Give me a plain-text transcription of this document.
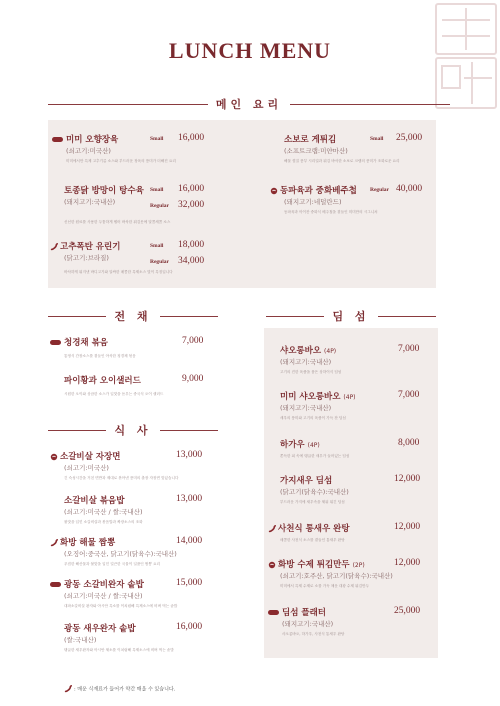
LUNCH MENU
메인 요리
미미 오향장육
(쇠고기:미국산)
미미에서만 특제 고추기름 소스와 부드러운 장육의 풍미가 더해진 요리
Small 16,000
토종닭 방망이 탕수육
(돼지고기:국내산)
신선한 원료를 사용한 두툼하게 썰어 바삭한 튀김옷에 달콤새콤 소스
Small 16,000
Regular 32,000
고추폭탄 유린기
(닭고기:브라질)
바삭하게 튀겨낸 바디고기와 알싸한 매콤한 특제소스 맛이 특징입니다
Small 18,000
Regular 34,000
소보로 게튀김
(소프트크랩:미얀마산)
해물 껍질 풍부 시리얼과 튀김 바삭한 소보로 크랩의 풍미가 조화로운 요리
Small 25,000
동파육과 중화베주첩
(돼지고기:네덜란드)
동파육과 아이잔 중화식 베주첩을 곁들인 미미만의 시그니처
Regular 40,000
전 채
청경채 볶음
통영식 간장소스를 곁들인 아삭한 청경채 볶음
7,000
파이황과 오이샐러드
시원한 오이와 상큼한 소스가 입맛을 돋우는 중국식 오이 샐러드
9,000
식 사
소갈비살 자장면
(쇠고기:미국산)
긴 숙성시간을 거친 면반과 제대로 볶아낸 풍미의 춘장 자장면 맛있습니다
13,000
소갈비살 볶음밥
(쇠고기:미국산 / 쌀:국내산)
불맛을 입힌 소갈비살과 볶음밥과 짜장소스의 조화
13,000
화방 해물 짬뽕
(오징어:중국산, 닭고기(닭육수):국내산)
푸짐한 해산물과 불맛을 입힌 얼큰한 국물이 일품인 짬뽕 요리
14,000
광동 소갈비완자 솥밥
(쇠고기:미국산 / 쌀:국내산)
대파소갈비살 완자와 아시안 특소를 이치럼해 특제소스에 비벼 먹는 솥밥
15,000
광동 새우완자 솥밥
(쌀:국내산)
탱글한 새우완자와 아시안 채소를 이치럼해 특제소스에 비벼 먹는 솥밥
16,000
딤 섬
샤오롱바오 (4P)
(돼지고기:국내산)
고기의 진한 육즙을 품은 상하이식 딤섬
7,000
미미 샤오롱바오 (4P)
(돼지고기:국내산)
새우의 풍미와 고기의 육즙이 가득 찬 딤섬
7,000
하가우 (4P)
쫀득한 피 속에 탱글한 새우가 들어있는 딤섬
8,000
가지새우 딤섬
(닭고기(닭육수):국내산)
부드러운 가지에 새우속을 채워 튀긴 딤섬
12,000
사천식 통새우 완탕
매콤한 사천식 소스를 곁들인 통새우 완탕
12,000
화방 수제 튀김만두 (2P)
(쇠고기:호주산, 닭고기(닭육수):국내산)
미미에서 특제 수제로 소를 가득 채운 대왕 수제 튀김만두
12,000
딤섬 플래터
(돼지고기:국내산)
샤오롱바오, 하가우, 사천식 통새우 완탕
25,000
: 매운 식재료가 들어가 약간 매울 수 있습니다.
